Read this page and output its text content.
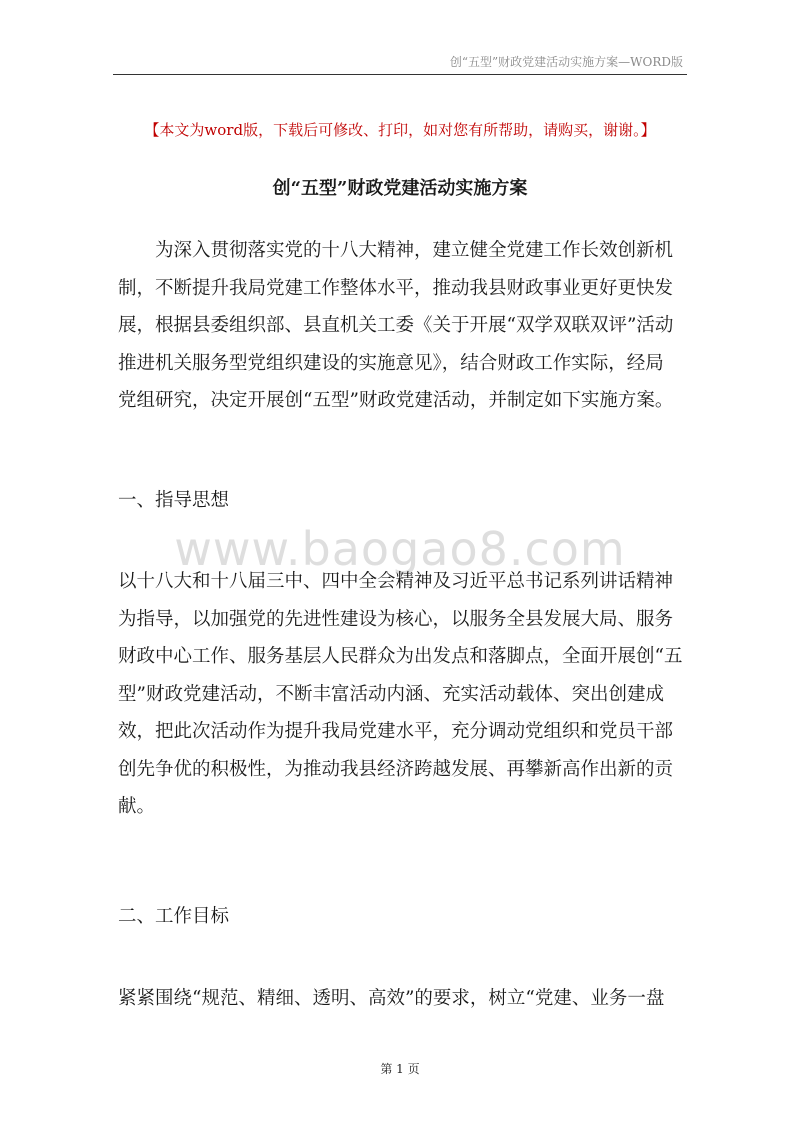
创“五型”财政党建活动实施方案—WORD版
【本文为word版，下载后可修改、打印，如对您有所帮助，请购买，谢谢。】
创“五型”财政党建活动实施方案
为深入贯彻落实党的十八大精神，建立健全党建工作长效创新机
制，不断提升我局党建工作整体水平，推动我县财政事业更好更快发
展，根据县委组织部、县直机关工委《关于开展“双学双联双评”活动
推进机关服务型党组织建设的实施意见》，结合财政工作实际，经局
党组研究，决定开展创“五型”财政党建活动，并制定如下实施方案。
一、指导思想
www.baogao8.com
以十八大和十八届三中、四中全会精神及习近平总书记系列讲话精神
为指导，以加强党的先进性建设为核心，以服务全县发展大局、服务
财政中心工作、服务基层人民群众为出发点和落脚点，全面开展创“五
型”财政党建活动，不断丰富活动内涵、充实活动载体、突出创建成
效，把此次活动作为提升我局党建水平，充分调动党组织和党员干部
创先争优的积极性，为推动我县经济跨越发展、再攀新高作出新的贡
献。
二、工作目标
紧紧围绕“规范、精细、透明、高效”的要求，树立“党建、业务一盘
第 1 页
